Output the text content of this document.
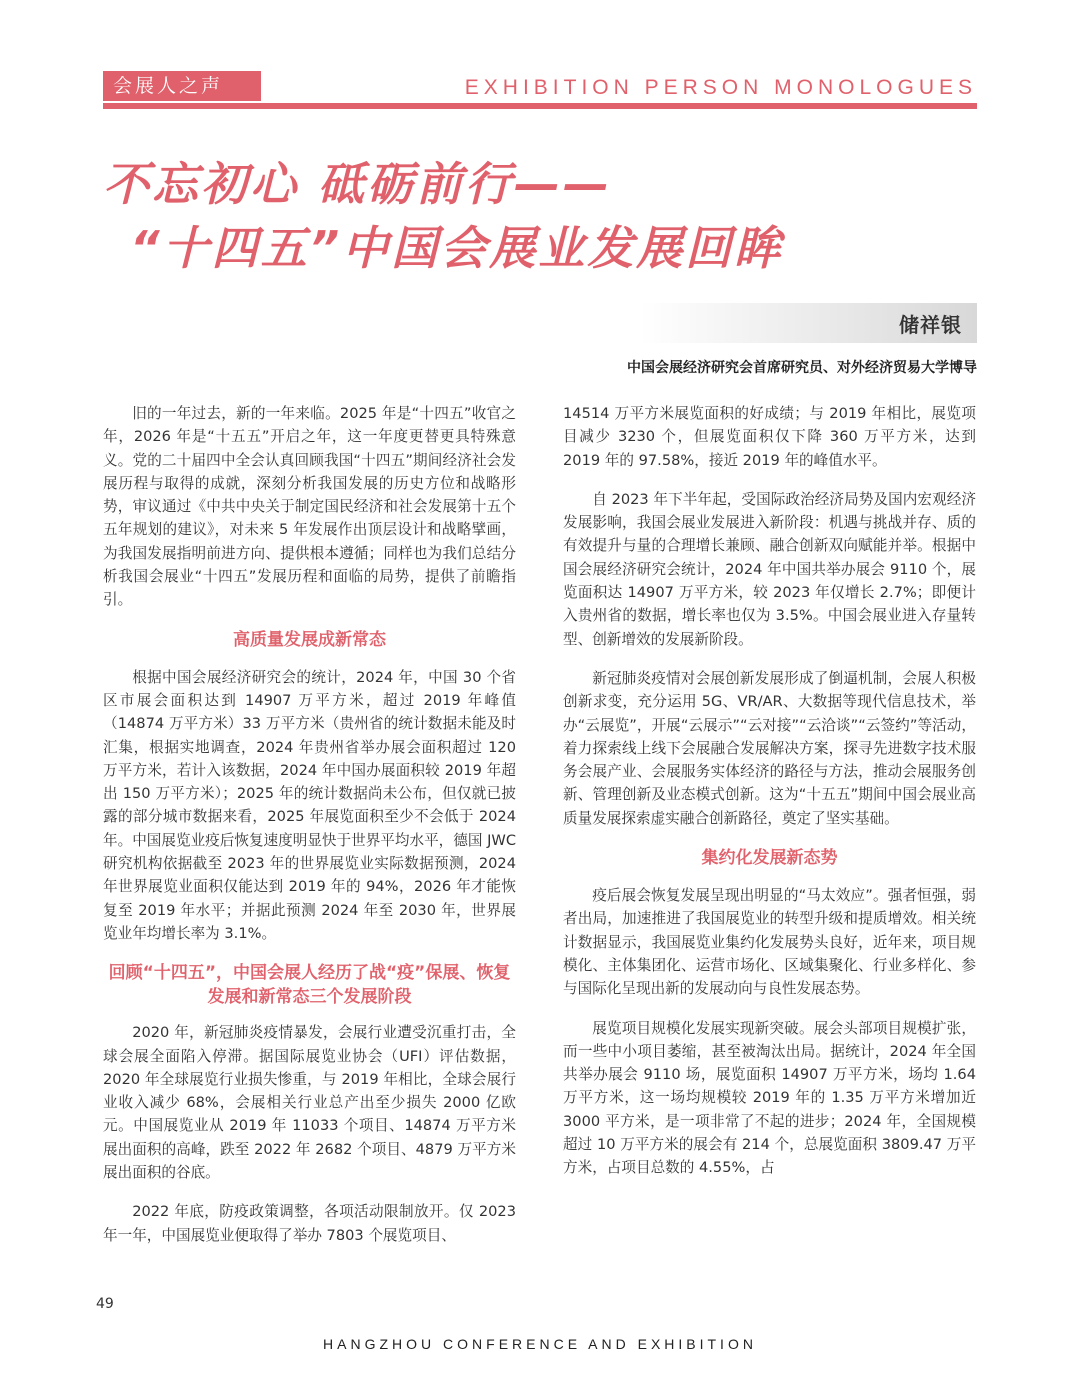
会展人之声	EXHIBITION PERSON MONOLOGUES
不忘初心 砥砺前行——
“十四五”中国会展业发展回眸
储祥银
中国会展经济研究会首席研究员、对外经济贸易大学博导

旧的一年过去，新的一年来临。2025 年是“十四五”收官之年，2026 年是“十五五”开启之年，这一年度更替更具特殊意义。党的二十届四中全会认真回顾我国“十四五”期间经济社会发展历程与取得的成就，深刻分析我国发展的历史方位和战略形势，审议通过《中共中央关于制定国民经济和社会发展第十五个五年规划的建议》，对未来 5 年发展作出顶层设计和战略擘画，为我国发展指明前进方向、提供根本遵循；同样也为我们总结分析我国会展业“十四五”发展历程和面临的局势，提供了前瞻指引。

高质量发展成新常态

根据中国会展经济研究会的统计，2024 年，中国 30 个省区市展会面积达到 14907 万平方米，超过 2019 年峰值（14874 万平方米）33 万平方米（贵州省的统计数据未能及时汇集，根据实地调查，2024 年贵州省举办展会面积超过 120 万平方米，若计入该数据，2024 年中国办展面积较 2019 年超出 150 万平方米）；2025 年的统计数据尚未公布，但仅就已披露的部分城市数据来看，2025 年展览面积至少不会低于 2024 年。中国展览业疫后恢复速度明显快于世界平均水平，德国 JWC 研究机构依据截至 2023 年的世界展览业实际数据预测，2024 年世界展览业面积仅能达到 2019 年的 94%，2026 年才能恢复至 2019 年水平；并据此预测 2024 年至 2030 年，世界展览业年均增长率为 3.1%。

回顾“十四五”，中国会展人经历了战“疫”保展、恢复发展和新常态三个发展阶段

2020 年，新冠肺炎疫情暴发，会展行业遭受沉重打击，全球会展全面陷入停滞。据国际展览业协会（UFI）评估数据，2020 年全球展览行业损失惨重，与 2019 年相比，全球会展行业收入减少 68%，会展相关行业总产出至少损失 2000 亿欧元。中国展览业从 2019 年 11033 个项目、14874 万平方米展出面积的高峰，跌至 2022 年 2682 个项目、4879 万平方米展出面积的谷底。

2022 年底，防疫政策调整，各项活动限制放开。仅 2023 年一年，中国展览业便取得了举办 7803 个展览项目、

14514 万平方米展览面积的好成绩；与 2019 年相比，展览项目减少 3230 个，但展览面积仅下降 360 万平方米，达到 2019 年的 97.58%，接近 2019 年的峰值水平。

自 2023 年下半年起，受国际政治经济局势及国内宏观经济发展影响，我国会展业发展进入新阶段：机遇与挑战并存、质的有效提升与量的合理增长兼顾、融合创新双向赋能并举。根据中国会展经济研究会统计，2024 年中国共举办展会 9110 个，展览面积达 14907 万平方米，较 2023 年仅增长 2.7%；即便计入贵州省的数据，增长率也仅为 3.5%。中国会展业进入存量转型、创新增效的发展新阶段。

新冠肺炎疫情对会展创新发展形成了倒逼机制，会展人积极创新求变，充分运用 5G、VR/AR、大数据等现代信息技术，举办“云展览”，开展“云展示”“云对接”“云洽谈”“云签约”等活动，着力探索线上线下会展融合发展解决方案，探寻先进数字技术服务会展产业、会展服务实体经济的路径与方法，推动会展服务创新、管理创新及业态模式创新。这为“十五五”期间中国会展业高质量发展探索虚实融合创新路径，奠定了坚实基础。

集约化发展新态势

疫后展会恢复发展呈现出明显的“马太效应”。强者恒强，弱者出局，加速推进了我国展览业的转型升级和提质增效。相关统计数据显示，我国展览业集约化发展势头良好，近年来，项目规模化、主体集团化、运营市场化、区域集聚化、行业多样化、参与国际化呈现出新的发展动向与良性发展态势。

展览项目规模化发展实现新突破。展会头部项目规模扩张，而一些中小项目萎缩，甚至被淘汰出局。据统计，2024 年全国共举办展会 9110 场，展览面积 14907 万平方米，场均 1.64 万平方米，这一场均规模较 2019 年的 1.35 万平方米增加近 3000 平方米，是一项非常了不起的进步；2024 年，全国规模超过 10 万平方米的展会有 214 个，总展览面积 3809.47 万平方米，占项目总数的 4.55%，占

49
HANGZHOU CONFERENCE AND EXHIBITION
